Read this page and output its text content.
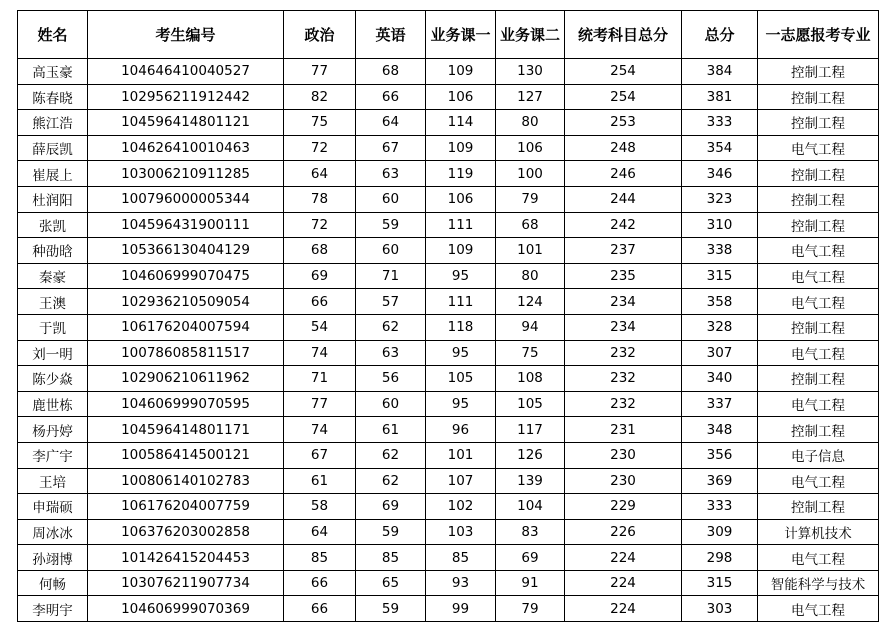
姓名	考生编号	政治	英语	业务课一	业务课二	统考科目总分	总分	一志愿报考专业
高玉豪	104646410040527	77	68	109	130	254	384	控制工程
陈春晓	102956211912442	82	66	106	127	254	381	控制工程
熊江浩	104596414801121	75	64	114	80	253	333	控制工程
薛辰凯	104626410010463	72	67	109	106	248	354	电气工程
崔展上	103006210911285	64	63	119	100	246	346	控制工程
杜润阳	100796000005344	78	60	106	79	244	323	控制工程
张凯	104596431900111	72	59	111	68	242	310	控制工程
种劭晗	105366130404129	68	60	109	101	237	338	电气工程
秦豪	104606999070475	69	71	95	80	235	315	电气工程
王澳	102936210509054	66	57	111	124	234	358	电气工程
于凯	106176204007594	54	62	118	94	234	328	控制工程
刘一明	100786085811517	74	63	95	75	232	307	电气工程
陈少焱	102906210611962	71	56	105	108	232	340	控制工程
鹿世栋	104606999070595	77	60	95	105	232	337	电气工程
杨丹婷	104596414801171	74	61	96	117	231	348	控制工程
李广宇	100586414500121	67	62	101	126	230	356	电子信息
王培	100806140102783	61	62	107	139	230	369	电气工程
申瑞硕	106176204007759	58	69	102	104	229	333	控制工程
周冰冰	106376203002858	64	59	103	83	226	309	计算机技术
孙翊博	101426415204453	85	85	85	69	224	298	电气工程
何畅	103076211907734	66	65	93	91	224	315	智能科学与技术
李明宇	104606999070369	66	59	99	79	224	303	电气工程
